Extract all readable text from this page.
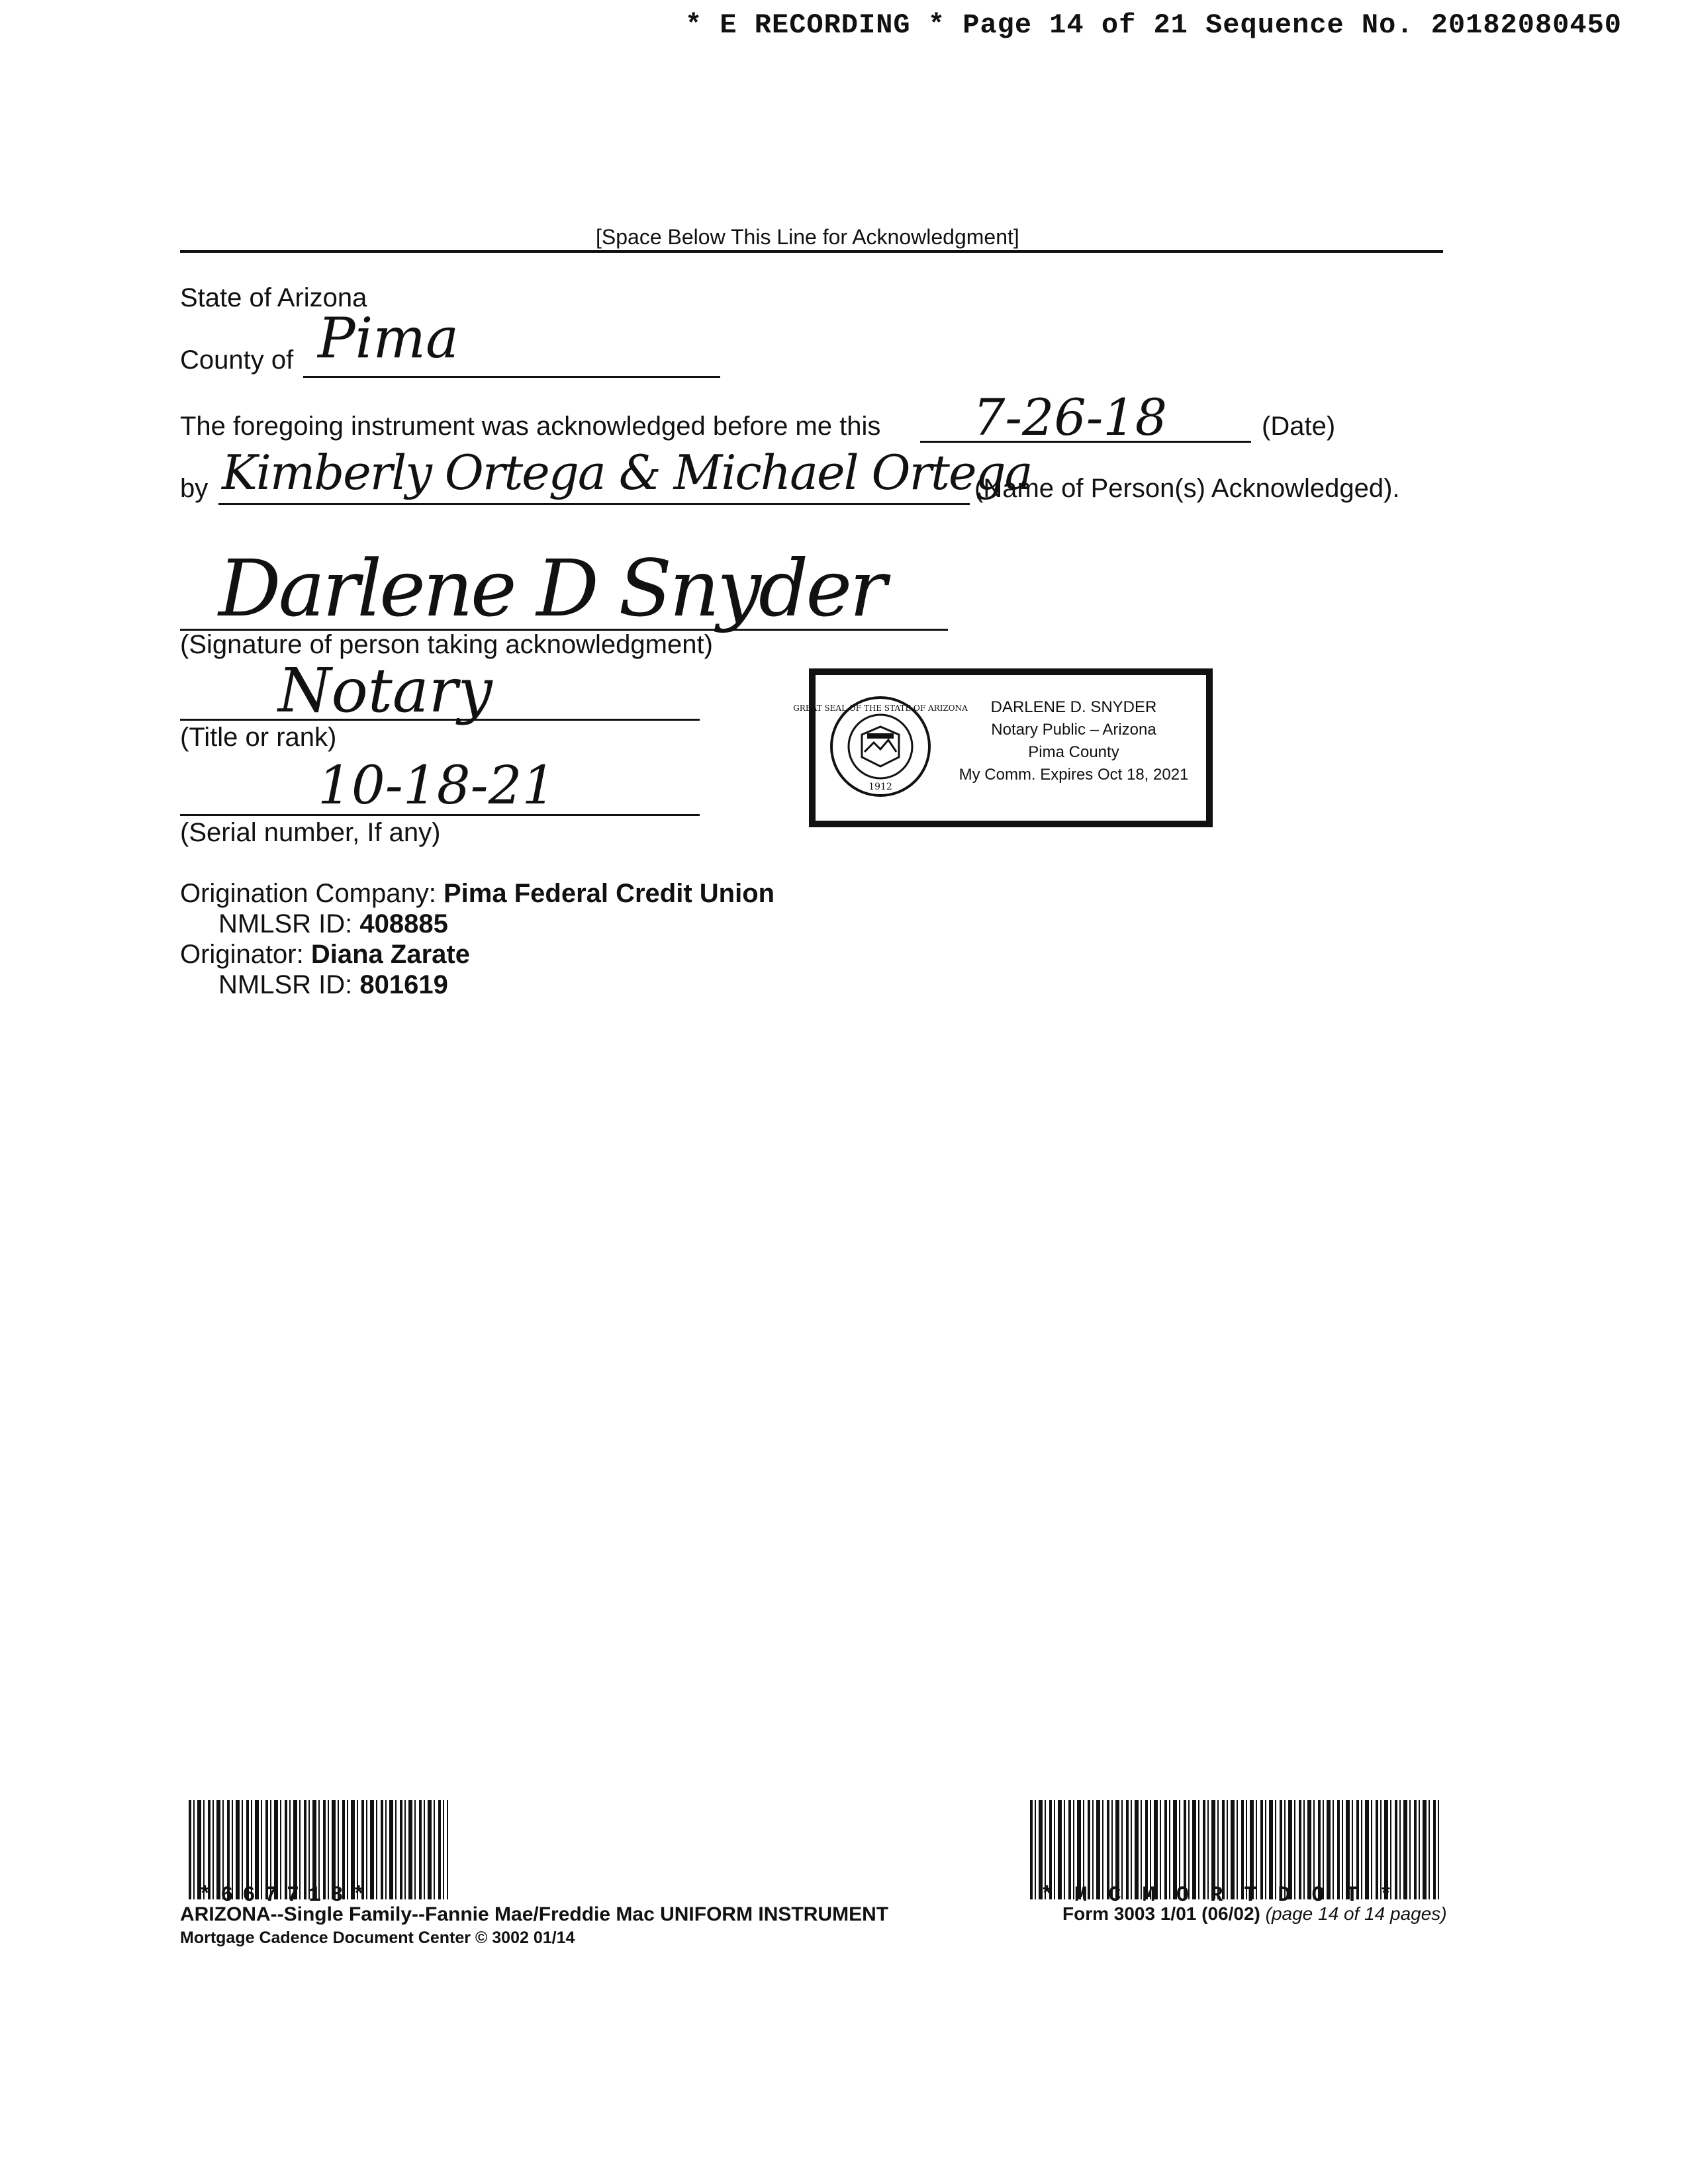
* E RECORDING * Page 14 of 21 Sequence No. 20182080450
[Space Below This Line for Acknowledgment]
State of Arizona
County of Pima
The foregoing instrument was acknowledged before me this 7-26-18	(Date)
by Kimberly Ortega & Michael Ortega
(Name of Person(s) Acknowledged).
Darlene D Snyder
(Signature of person taking acknowledgment)
Notary
(Title or rank)
10-18-21
(Serial number, If any)
GREAT SEAL OF THE STATE OF ARIZONA
1912
DARLENE D. SNYDER
Notary Public – Arizona
Pima County
My Comm. Expires Oct 18, 2021
Origination Company: Pima Federal Credit Union
NMLSR ID: 408885
Originator: Diana Zarate
NMLSR ID: 801619
*667718*
ARIZONA--Single Family--Fannie Mae/Freddie Mac UNIFORM INSTRUMENT
Mortgage Cadence Document Center © 3002 01/14
*MCMORTDOT*
Form 3003 1/01 (06/02) (page 14 of 14 pages)
